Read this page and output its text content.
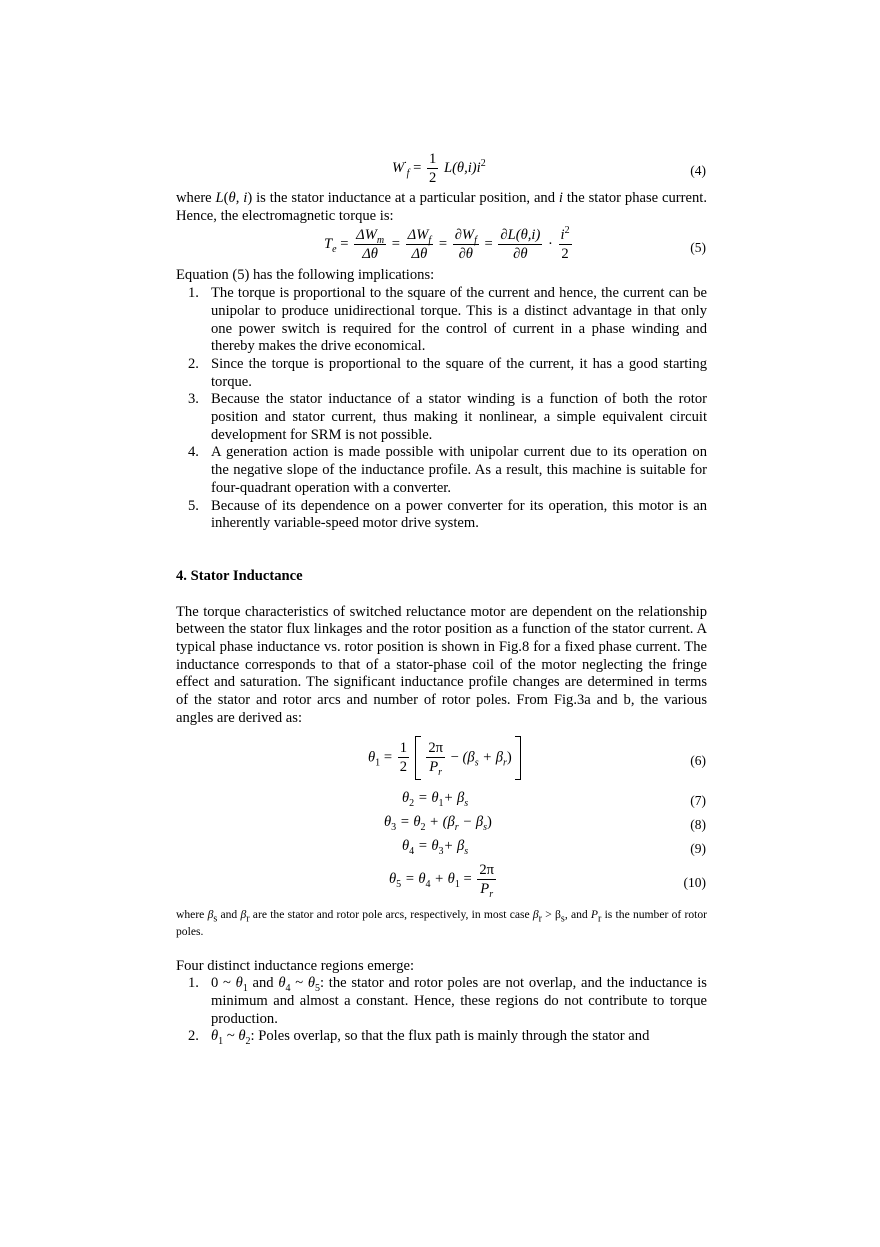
$W^\cdot_f = \frac{1}{2} L(\theta,i)i^2$	(4)

where L(θ, i) is the stator inductance at a particular position, and i the stator phase current. Hence, the electromagnetic torque is:

$T_e = \frac{\Delta W_m}{\Delta\theta} = \frac{\Delta W_f}{\Delta\theta} = \frac{\partial W_f}{\partial\theta} = \frac{\partial L(\theta,i)}{\partial\theta} \cdot \frac{i^2}{2}$	(5)

Equation (5) has the following implications:

1. The torque is proportional to the square of the current and hence, the current can be unipolar to produce unidirectional torque. This is a distinct advantage in that only one power switch is required for the control of current in a phase winding and thereby makes the drive economical.
2. Since the torque is proportional to the square of the current, it has a good starting torque.
3. Because the stator inductance of a stator winding is a function of both the rotor position and stator current, thus making it nonlinear, a simple equivalent circuit development for SRM is not possible.
4. A generation action is made possible with unipolar current due to its operation on the negative slope of the inductance profile. As a result, this machine is suitable for four-quadrant operation with a converter.
5. Because of its dependence on a power converter for its operation, this motor is an inherently variable-speed motor drive system.
4. Stator Inductance

The torque characteristics of switched reluctance motor are dependent on the relationship between the stator flux linkages and the rotor position as a function of the stator current. A typical phase inductance vs. rotor position is shown in Fig.8 for a fixed phase current. The inductance corresponds to that of a stator-phase coil of the motor neglecting the fringe effect and saturation. The significant inductance profile changes are determined in terms of the stator and rotor arcs and number of rotor poles. From Fig.3a and b, the various angles are derived as:

$\theta_1 = \frac{1}{2}$
$\frac{2\pi}{P_r} - (\beta_s + \beta_r)$	(6)
$\theta_2 = \theta_1+ \beta_s$	(7)
$\theta_3 = \theta_2 + (\beta_r - \beta_s)$	(8)
$\theta_4 = \theta_3+ \beta_s$	(9)
$\theta_5 = \theta_4 + \theta_1 = \frac{2\pi}{P_r}$	(10)

where $\beta_s$ and $\beta_r$ are the stator and rotor pole arcs, respectively, in most case $\beta_r > \beta_s$, and $P_r$ is the number of rotor poles.

Four distinct inductance regions emerge:

1. 0 ~ $\theta_1$ and $\theta_4$ ~ $\theta_5$: the stator and rotor poles are not overlap, and the inductance is minimum and almost a constant. Hence, these regions do not contribute to torque production.
2. $\theta_1$ ~ $\theta_2$: Poles overlap, so that the flux path is mainly through the stator and
